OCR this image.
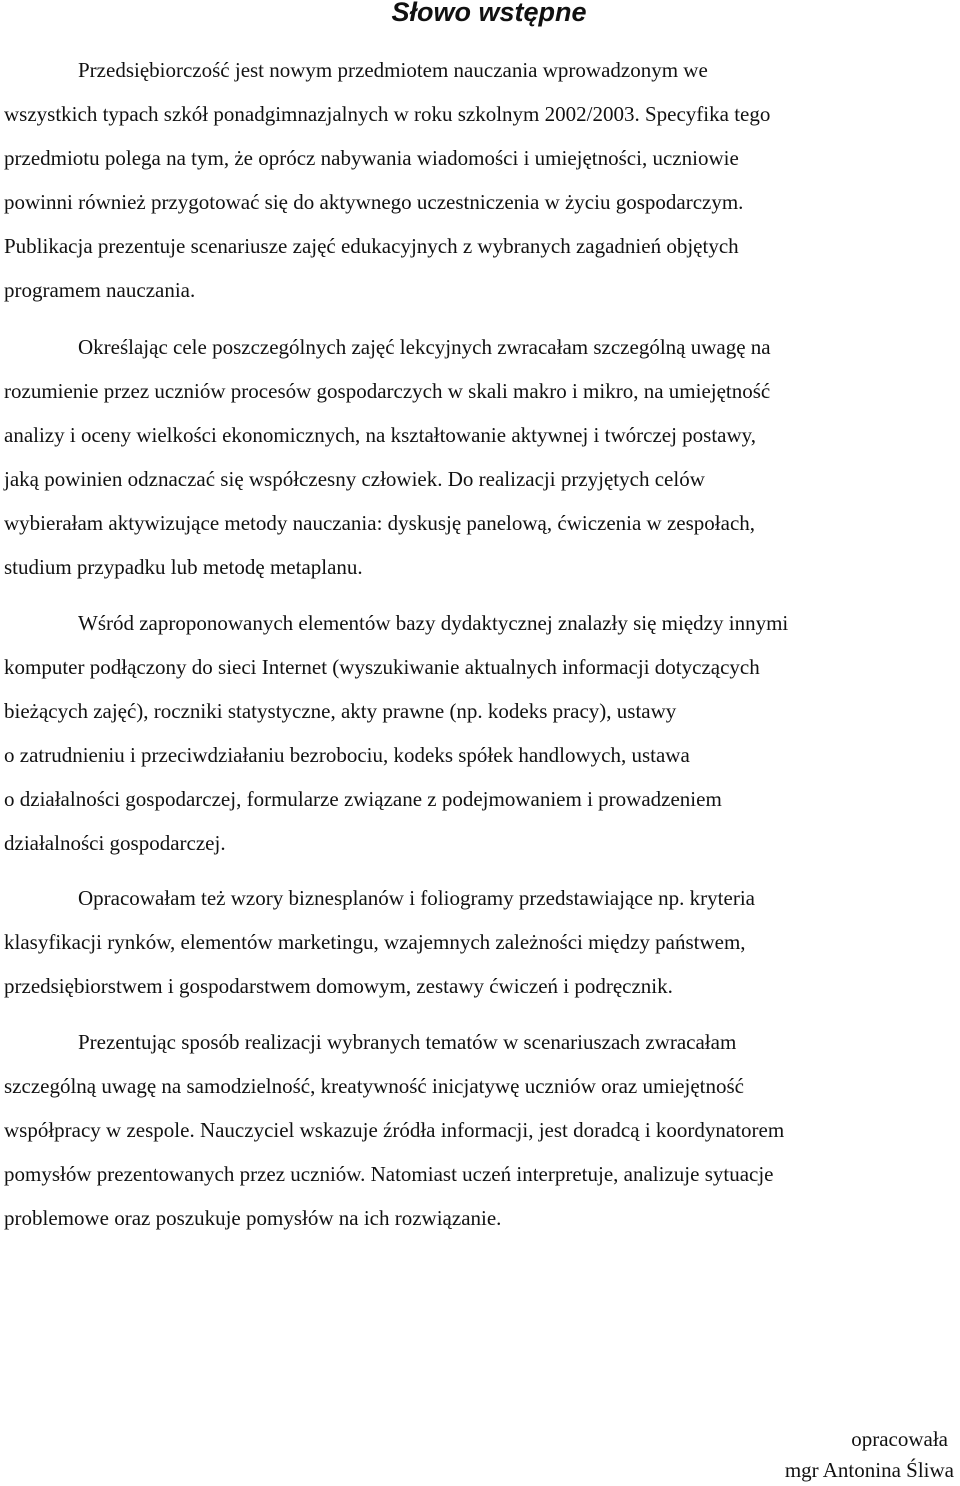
Słowo wstępne

Przedsiębiorczość jest nowym przedmiotem nauczania wprowadzonym we
wszystkich typach szkół ponadgimnazjalnych w roku szkolnym 2002/2003. Specyfika tego
przedmiotu polega na tym, że oprócz nabywania wiadomości i umiejętności, uczniowie
powinni również przygotować się do aktywnego uczestniczenia w życiu gospodarczym.
Publikacja prezentuje scenariusze zajęć edukacyjnych z wybranych zagadnień objętych
programem nauczania.

Określając cele poszczególnych zajęć lekcyjnych zwracałam szczególną uwagę na
rozumienie przez uczniów procesów gospodarczych w skali makro i mikro, na umiejętność
analizy i oceny wielkości ekonomicznych, na kształtowanie aktywnej i twórczej postawy,
jaką powinien odznaczać się współczesny człowiek. Do realizacji przyjętych celów
wybierałam aktywizujące metody nauczania: dyskusję panelową, ćwiczenia w zespołach,
studium przypadku lub metodę metaplanu.

Wśród zaproponowanych elementów bazy dydaktycznej znalazły się między innymi
komputer podłączony do sieci Internet (wyszukiwanie aktualnych informacji dotyczących
bieżących zajęć), roczniki statystyczne, akty prawne (np. kodeks pracy), ustawy
o zatrudnieniu i przeciwdziałaniu bezrobociu, kodeks spółek handlowych, ustawa
o działalności gospodarczej, formularze związane z podejmowaniem i prowadzeniem
działalności gospodarczej.

Opracowałam też wzory biznesplanów i foliogramy przedstawiające np. kryteria
klasyfikacji rynków, elementów marketingu, wzajemnych zależności między państwem,
przedsiębiorstwem i gospodarstwem domowym, zestawy ćwiczeń i podręcznik.

Prezentując sposób realizacji wybranych tematów w scenariuszach zwracałam
szczególną uwagę na samodzielność, kreatywność inicjatywę uczniów oraz umiejętność
współpracy w zespole. Nauczyciel wskazuje źródła informacji, jest doradcą i koordynatorem
pomysłów prezentowanych przez uczniów. Natomiast uczeń interpretuje, analizuje sytuacje
problemowe oraz poszukuje pomysłów na ich rozwiązanie.

opracowała
mgr Antonina Śliwa
